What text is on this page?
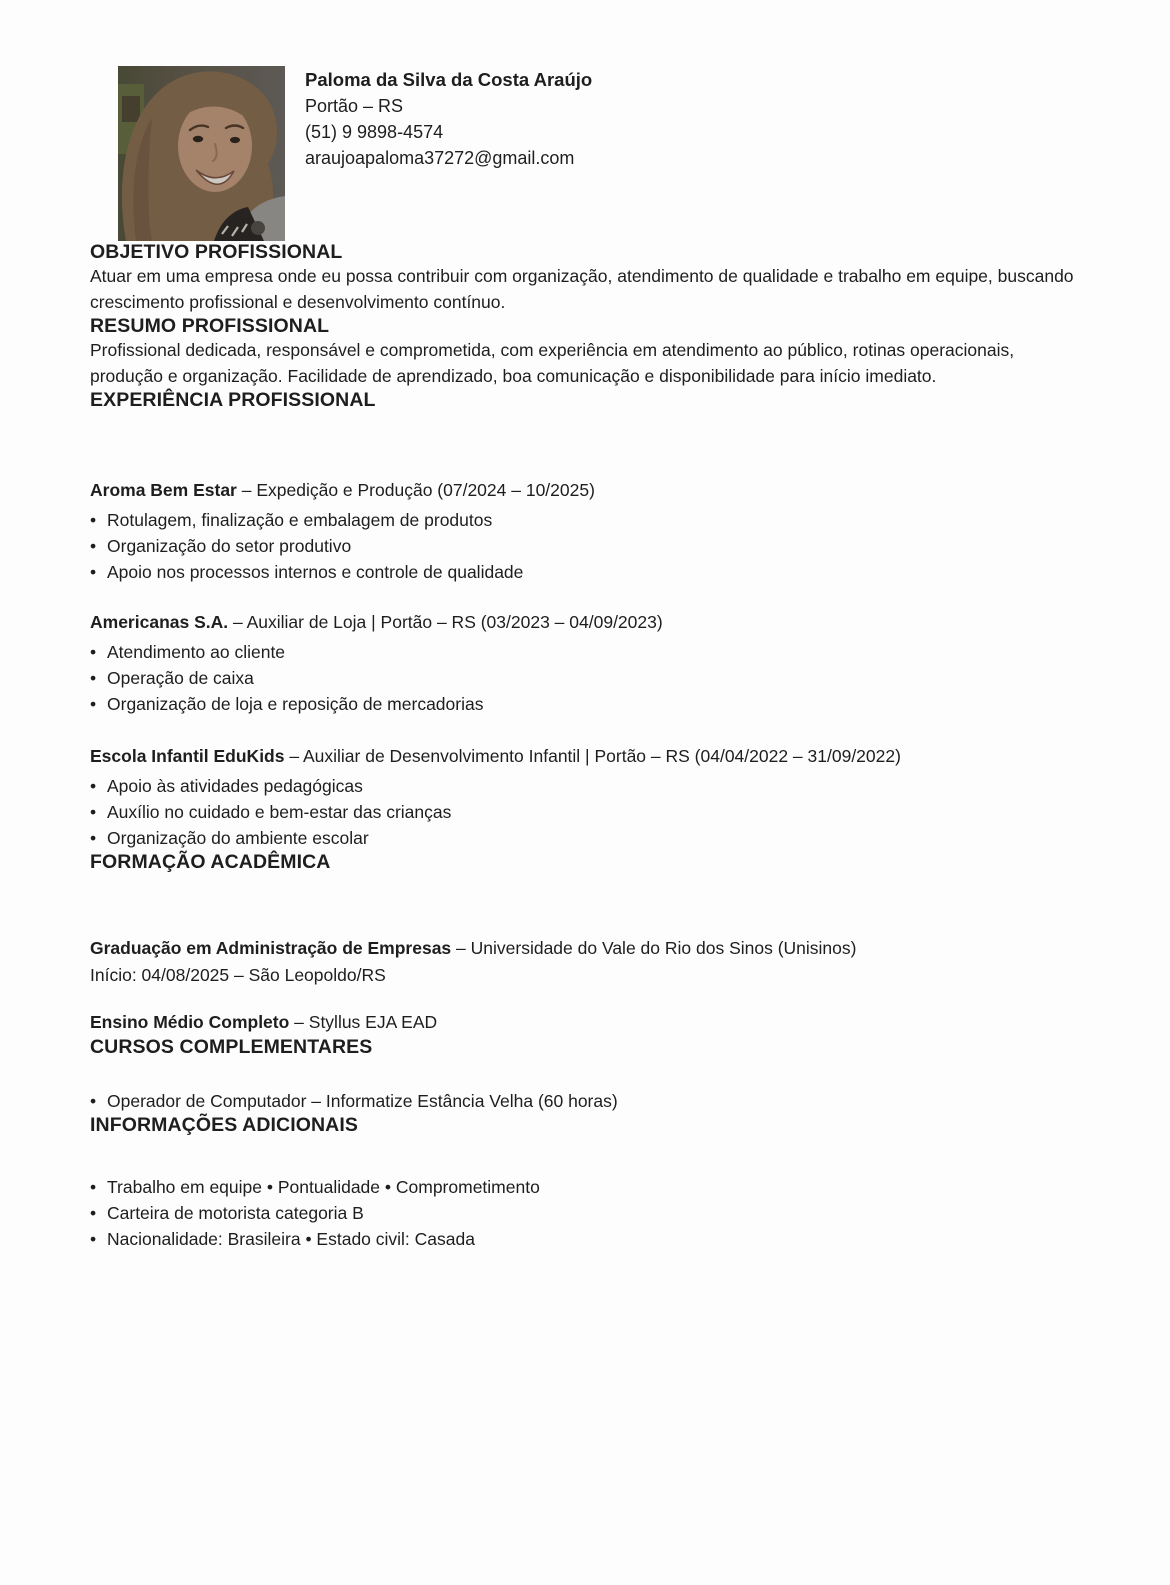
Paloma da Silva da Costa Araújo
Portão – RS
(51) 9 9898-4574
araujoapaloma37272@gmail.com
OBJETIVO PROFISSIONAL

Atuar em uma empresa onde eu possa contribuir com organização, atendimento de qualidade e trabalho em equipe, buscando crescimento profissional e desenvolvimento contínuo.

RESUMO PROFISSIONAL

Profissional dedicada, responsável e comprometida, com experiência em atendimento ao público, rotinas operacionais, produção e organização. Facilidade de aprendizado, boa comunicação e disponibilidade para início imediato.

EXPERIÊNCIA PROFISSIONAL
Aroma Bem Estar – Expedição e Produção (07/2024 – 10/2025)
• Rotulagem, finalização e embalagem de produtos
• Organização do setor produtivo
• Apoio nos processos internos e controle de qualidade
Americanas S.A. – Auxiliar de Loja | Portão – RS (03/2023 – 04/09/2023)
• Atendimento ao cliente
• Operação de caixa
• Organização de loja e reposição de mercadorias
Escola Infantil EduKids – Auxiliar de Desenvolvimento Infantil | Portão – RS (04/04/2022 – 31/09/2022)
• Apoio às atividades pedagógicas
• Auxílio no cuidado e bem-estar das crianças
• Organização do ambiente escolar
FORMAÇÃO ACADÊMICA
Graduação em Administração de Empresas – Universidade do Vale do Rio dos Sinos (Unisinos)
Início: 04/08/2025 – São Leopoldo/RS
Ensino Médio Completo – Styllus EJA EAD
CURSOS COMPLEMENTARES
• Operador de Computador – Informatize Estância Velha (60 horas)
INFORMAÇÕES ADICIONAIS
• Trabalho em equipe • Pontualidade • Comprometimento
• Carteira de motorista categoria B
• Nacionalidade: Brasileira • Estado civil: Casada
